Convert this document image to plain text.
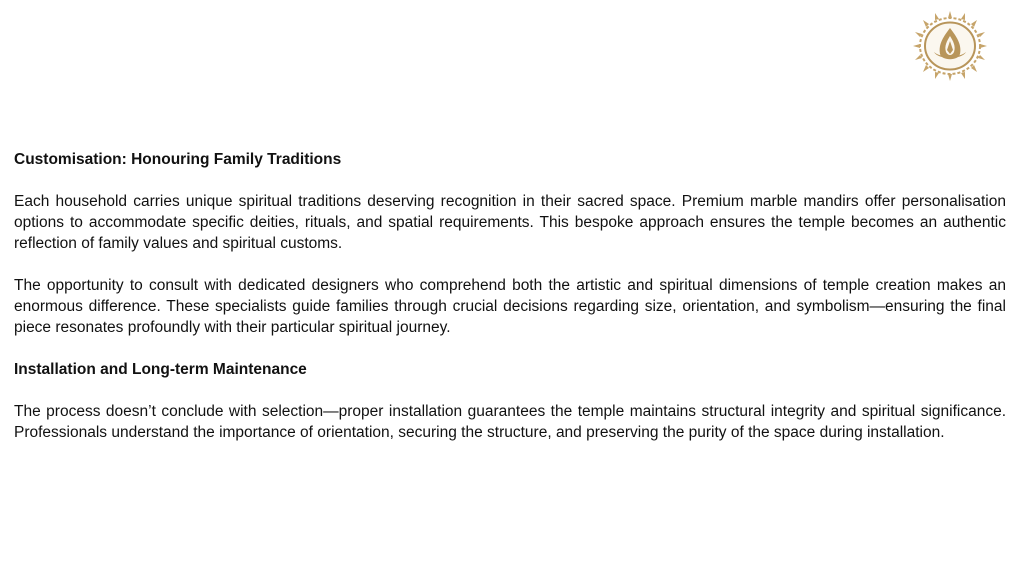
Customisation: Honouring Family Traditions

Each household carries unique spiritual traditions deserving recognition in their sacred space. Premium marble mandirs offer personalisation options to accommodate specific deities, rituals, and spatial requirements. This bespoke approach ensures the temple becomes an authentic reflection of family values and spiritual customs.

The opportunity to consult with dedicated designers who comprehend both the artistic and spiritual dimensions of temple creation makes an enormous difference. These specialists guide families through crucial decisions regarding size, orientation, and symbolism—ensuring the final piece resonates profoundly with their particular spiritual journey.

Installation and Long-term Maintenance

The process doesn’t conclude with selection—proper installation guarantees the temple maintains structural integrity and spiritual significance. Professionals understand the importance of orientation, securing the structure, and preserving the purity of the space during installation.
